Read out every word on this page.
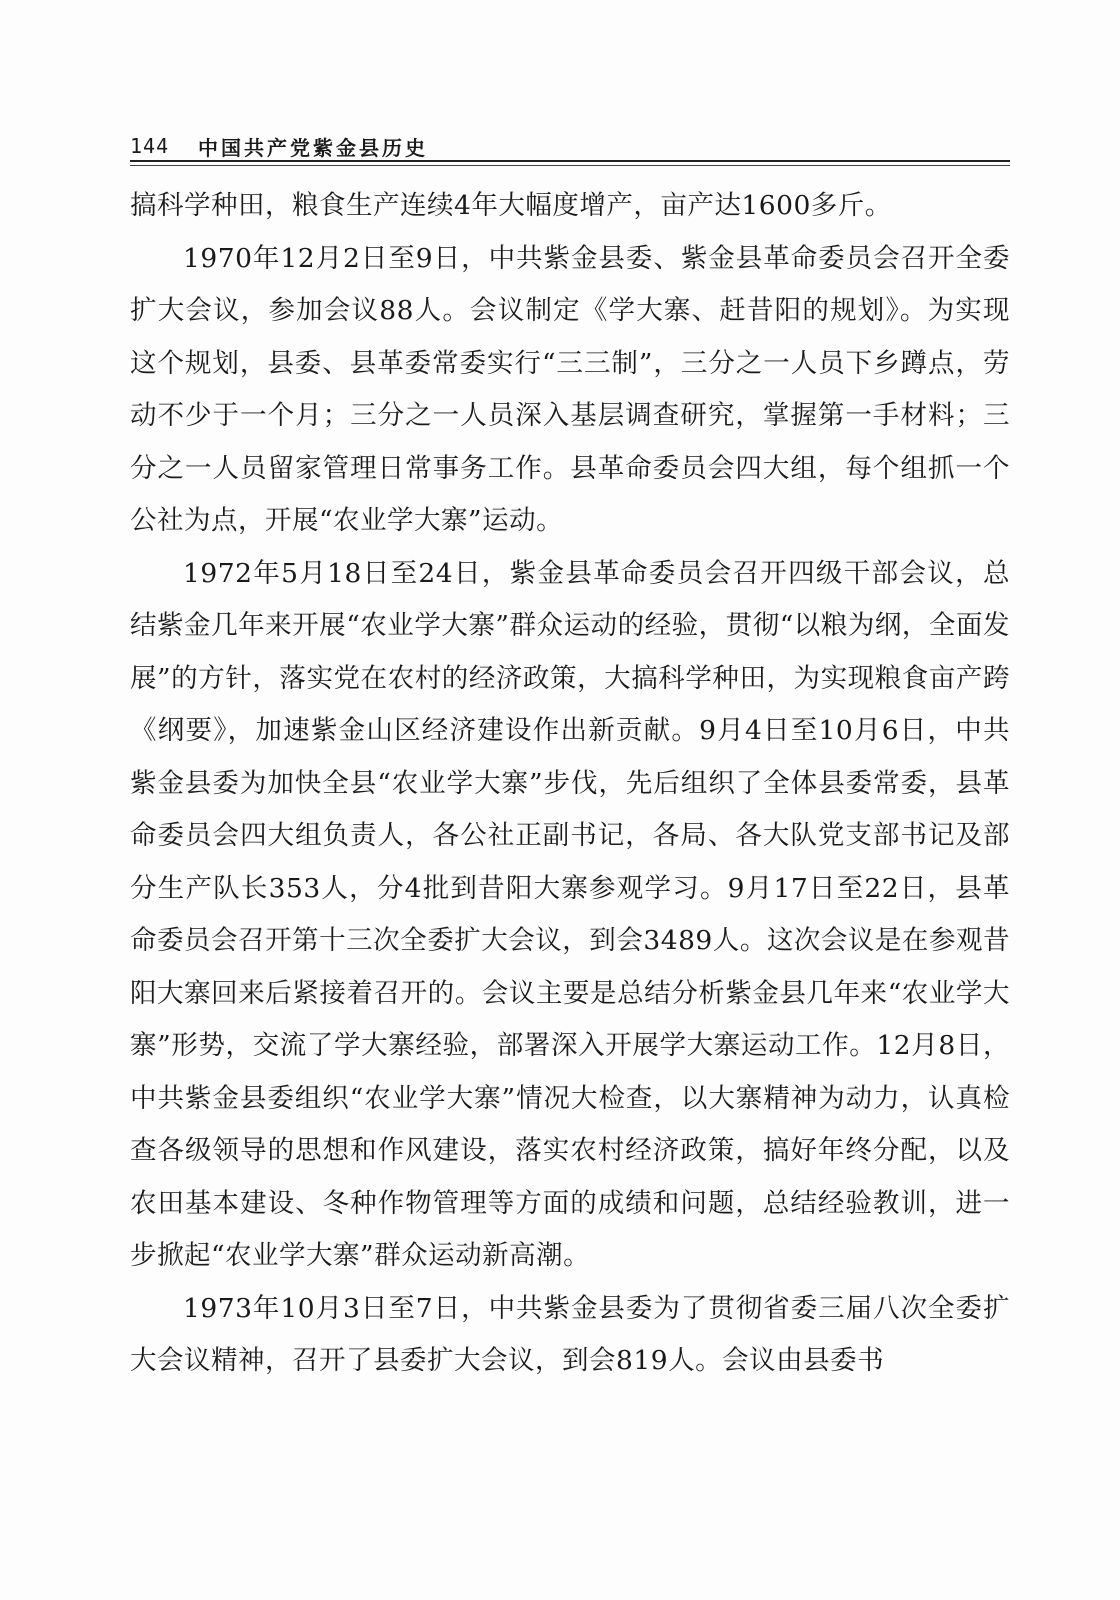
144 中国共产党紫金县历史

搞科学种田，粮食生产连续4年大幅度增产，亩产达1600多斤。

1970年12月2日至9日，中共紫金县委、紫金县革命委员会召开全委扩大会议，参加会议88人。会议制定《学大寨、赶昔阳的规划》。为实现这个规划，县委、县革委常委实行“三三制”，三分之一人员下乡蹲点，劳动不少于一个月；三分之一人员深入基层调查研究，掌握第一手材料；三分之一人员留家管理日常事务工作。县革命委员会四大组，每个组抓一个公社为点，开展“农业学大寨”运动。

1972年5月18日至24日，紫金县革命委员会召开四级干部会议，总结紫金几年来开展“农业学大寨”群众运动的经验，贯彻“以粮为纲，全面发展”的方针，落实党在农村的经济政策，大搞科学种田，为实现粮食亩产跨《纲要》，加速紫金山区经济建设作出新贡献。9月4日至10月6日，中共紫金县委为加快全县“农业学大寨”步伐，先后组织了全体县委常委，县革命委员会四大组负责人，各公社正副书记，各局、各大队党支部书记及部分生产队长353人，分4批到昔阳大寨参观学习。9月17日至22日，县革命委员会召开第十三次全委扩大会议，到会3489人。这次会议是在参观昔阳大寨回来后紧接着召开的。会议主要是总结分析紫金县几年来“农业学大寨”形势，交流了学大寨经验，部署深入开展学大寨运动工作。12月8日，中共紫金县委组织“农业学大寨”情况大检查，以大寨精神为动力，认真检查各级领导的思想和作风建设，落实农村经济政策，搞好年终分配，以及农田基本建设、冬种作物管理等方面的成绩和问题，总结经验教训，进一步掀起“农业学大寨”群众运动新高潮。

1973年10月3日至7日，中共紫金县委为了贯彻省委三届八次全委扩大会议精神，召开了县委扩大会议，到会819人。会议由县委书
